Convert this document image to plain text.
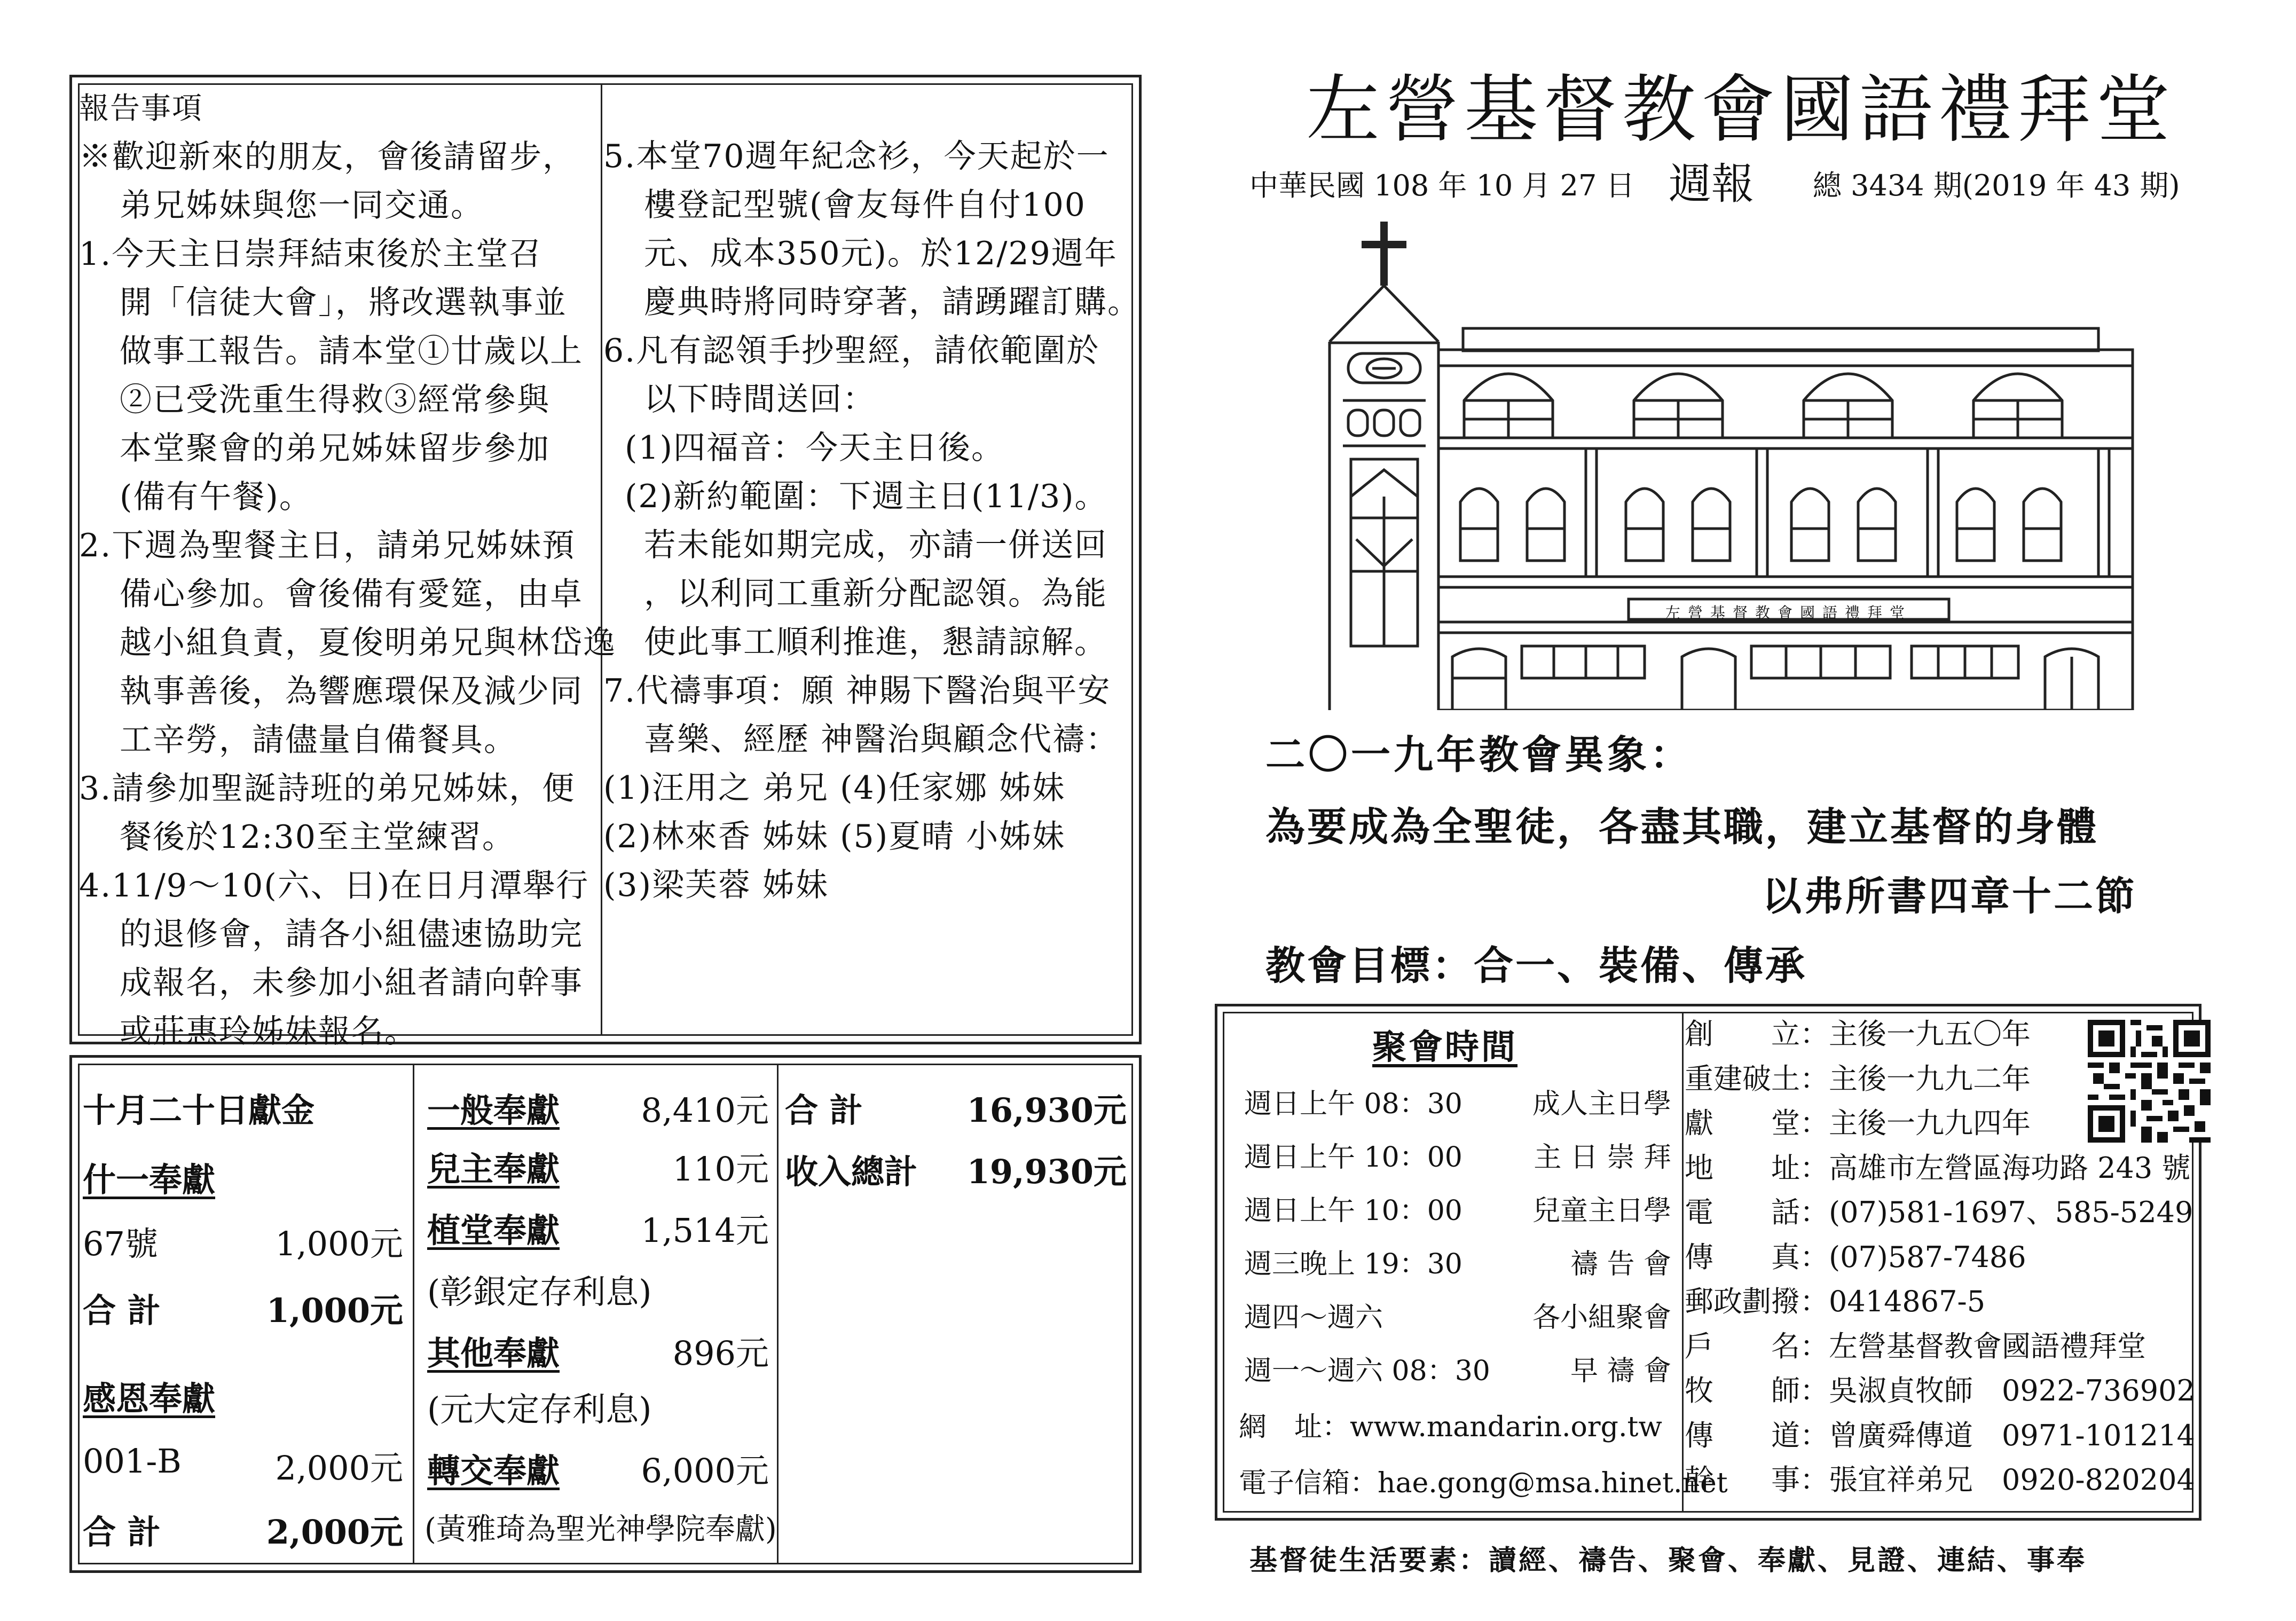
報告事項

※歡迎新來的朋友，會後請留步，

弟兄姊妹與您一同交通。

1.今天主日崇拜結束後於主堂召

開「信徒大會」，將改選執事並

做事工報告。請本堂①廿歲以上

②已受洗重生得救③經常參與

本堂聚會的弟兄姊妹留步參加

(備有午餐)。

2.下週為聖餐主日，請弟兄姊妹預

備心參加。會後備有愛筵，由卓

越小組負責，夏俊明弟兄與林岱逸

執事善後，為響應環保及減少同

工辛勞，請儘量自備餐具。

3.請參加聖誕詩班的弟兄姊妹，便

餐後於12:30至主堂練習。

4.11/9～10(六、日)在日月潭舉行

的退修會，請各小組儘速協助完

成報名，未參加小組者請向幹事

或莊惠玲姊妹報名。

5.本堂70週年紀念衫，今天起於一

樓登記型號(會友每件自付100

元、成本350元)。於12/29週年

慶典時將同時穿著，請踴躍訂購。

6.凡有認領手抄聖經，請依範圍於

以下時間送回：

(1)四福音：今天主日後。

(2)新約範圍：下週主日(11/3)。

若未能如期完成，亦請一併送回

，以利同工重新分配認領。為能

使此事工順利推進，懇請諒解。

7.代禱事項：願 神賜下醫治與平安

喜樂、經歷 神醫治與顧念代禱：

(1)汪用之 弟兄 (4)任家娜 姊妹

(2)林來香 姊妹 (5)夏晴 小姊妹

(3)梁芙蓉 姊妹

十月二十日獻金
什一奉獻
67號	1,000元
合 計	1,000元
感恩奉獻
001-B	2,000元
合 計	2,000元
一般奉獻	8,410元
兒主奉獻	110元
植堂奉獻	1,514元
(彰銀定存利息)
其他奉獻	896元
(元大定存利息)
轉交奉獻	6,000元
(黃雅琦為聖光神學院奉獻)
合 計	16,930元
收入總計	19,930元
左營基督教會國語禮拜堂
中華民國 108 年 10 月 27 日 週報 總 3434 期(2019 年 43 期)
左營基督教會國語禮拜堂
二〇一九年教會異象：
為要成為全聖徒，各盡其職，建立基督的身體
以弗所書四章十二節
教會目標：合一、裝備、傳承
聚會時間
週日上午 08：30	成人主日學
週日上午 10：00	主 日 崇 拜
週日上午 10：00	兒童主日學
週三晚上 19：30	禱 告 會
週四～週六	各小組聚會
週一～週六 08：30	早 禱 會
網　址：www.mandarin.org.tw
電子信箱：hae.gong@msa.hinet.net

創　　立：主後一九五〇年

重建破土：主後一九九二年

獻　　堂：主後一九九四年

地　　址：高雄市左營區海功路 243 號

電　　話：(07)581-1697、585-5249

傳　　真：(07)587-7486

郵政劃撥：0414867-5

戶　　名：左營基督教會國語禮拜堂

牧　　師：吳淑貞牧師　0922-736902

傳　　道：曾廣舜傳道　0971-101214

幹　　事：張宜祥弟兄　0920-820204

基督徒生活要素：讀經、禱告、聚會、奉獻、見證、連結、事奉
